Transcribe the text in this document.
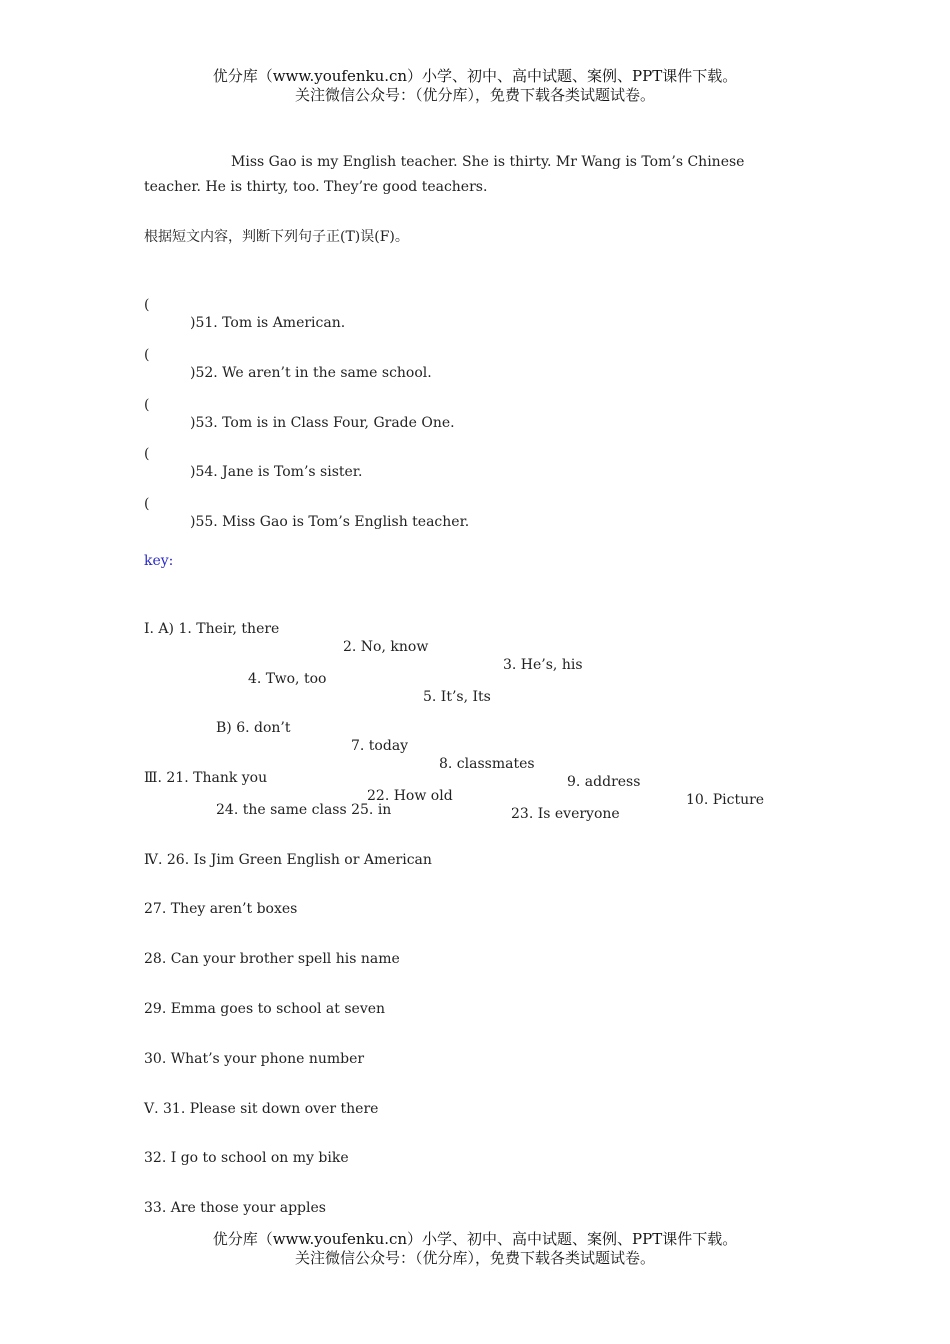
优分库（www.youfenku.cn）小学、初中、高中试题、案例、PPT课件下载。
关注微信公众号：（优分库），免费下载各类试题试卷。
Miss Gao is my English teacher. She is thirty. Mr Wang is Tom’s Chinese
teacher. He is thirty, too. They’re good teachers.
根据短文内容，判断下列句子正(T)误(F)。

(

)51. Tom is American.

(

)52. We aren’t in the same school.

(

)53. Tom is in Class Four, Grade One.

(

)54. Jane is Tom’s sister.

(

)55. Miss Gao is Tom’s English teacher.

key:

Ⅰ. A) 1. Their, there

2. No, know

3. He’s, his

4. Two, too

5. It’s, Its

B) 6. don’t

7. today

8. classmates

9. address

10. Picture

Ⅲ. 21. Thank you

22. How old

23. Is everyone

24. the same class 25. in
Ⅳ. 26. Is Jim Green English or American
27. They aren’t boxes
28. Can your brother spell his name
29. Emma goes to school at seven
30. What’s your phone number
Ⅴ. 31. Please sit down over there
32. I go to school on my bike
33. Are those your apples
优分库（www.youfenku.cn）小学、初中、高中试题、案例、PPT课件下载。
关注微信公众号：（优分库），免费下载各类试题试卷。
